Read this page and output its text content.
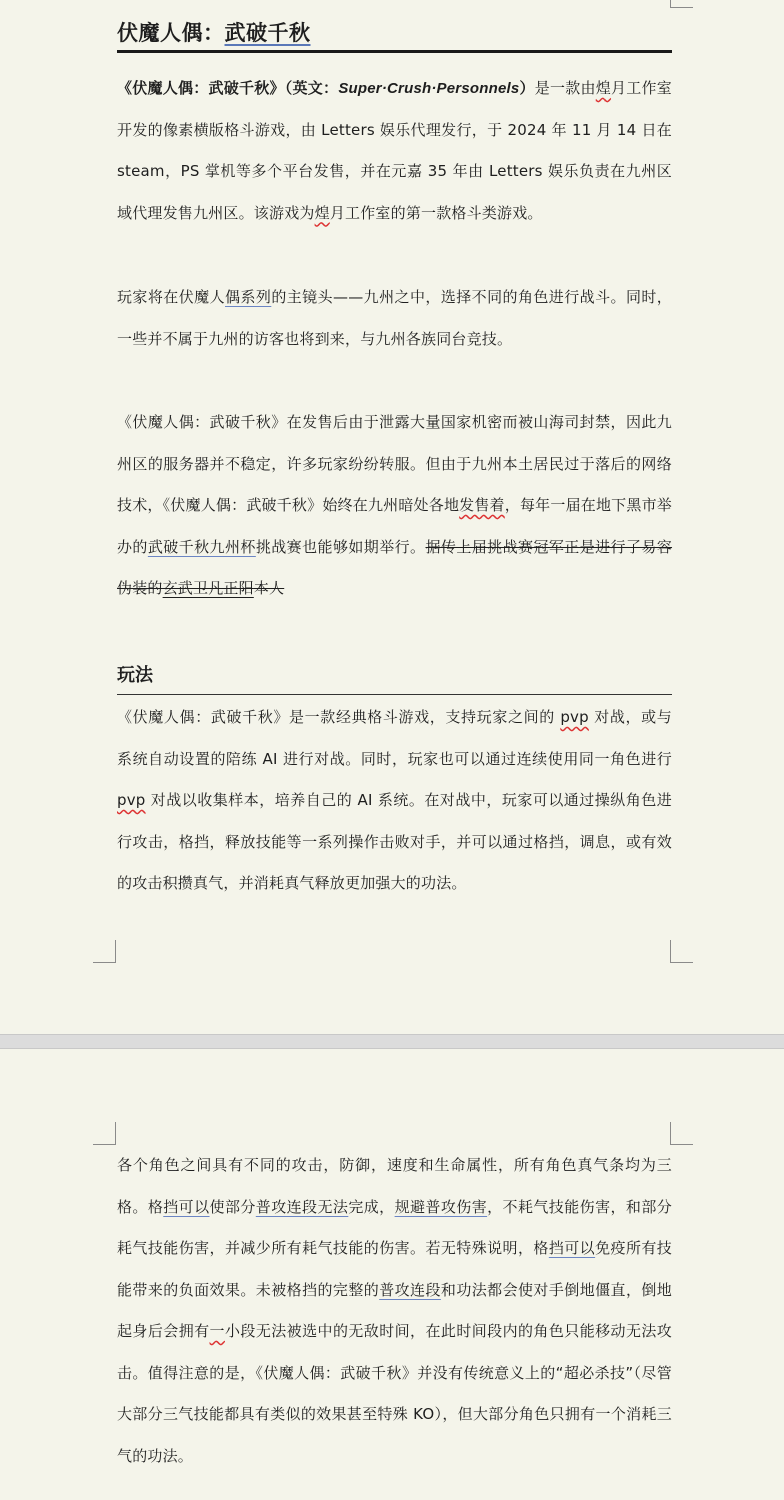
伏魔人偶：武破千秋

《伏魔人偶：武破千秋》（英文：Super·Crush·Personnels）是一款由煌月工作室开发的像素横版格斗游戏，由 Letters 娱乐代理发行，于 2024 年 11 月 14 日在 steam，PS 掌机等多个平台发售，并在元嘉 35 年由 Letters 娱乐负责在九州区域代理发售九州区。该游戏为煌月工作室的第一款格斗类游戏。

玩家将在伏魔人偶系列的主镜头——九州之中，选择不同的角色进行战斗。同时，一些并不属于九州的访客也将到来，与九州各族同台竞技。

《伏魔人偶：武破千秋》在发售后由于泄露大量国家机密而被山海司封禁，因此九州区的服务器并不稳定，许多玩家纷纷转服。但由于九州本土居民过于落后的网络技术，《伏魔人偶：武破千秋》始终在九州暗处各地发售着，每年一届在地下黑市举办的武破千秋九州杯挑战赛也能够如期举行。据传上届挑战赛冠军正是进行了易容伪装的玄武卫凡正阳本人

玩法

《伏魔人偶：武破千秋》是一款经典格斗游戏，支持玩家之间的 pvp 对战，或与系统自动设置的陪练 AI 进行对战。同时，玩家也可以通过连续使用同一角色进行 pvp 对战以收集样本，培养自己的 AI 系统。在对战中，玩家可以通过操纵角色进行攻击，格挡，释放技能等一系列操作击败对手，并可以通过格挡，调息，或有效的攻击积攒真气，并消耗真气释放更加强大的功法。

各个角色之间具有不同的攻击，防御，速度和生命属性，所有角色真气条均为三格。格挡可以使部分普攻连段无法完成，规避普攻伤害，不耗气技能伤害，和部分耗气技能伤害，并减少所有耗气技能的伤害。若无特殊说明，格挡可以免疫所有技能带来的负面效果。未被格挡的完整的普攻连段和功法都会使对手倒地僵直，倒地起身后会拥有一小段无法被选中的无敌时间，在此时间段内的角色只能移动无法攻击。值得注意的是，《伏魔人偶：武破千秋》并没有传统意义上的“超必杀技”（尽管大部分三气技能都具有类似的效果甚至特殊 KO），但大部分角色只拥有一个消耗三气的功法。
